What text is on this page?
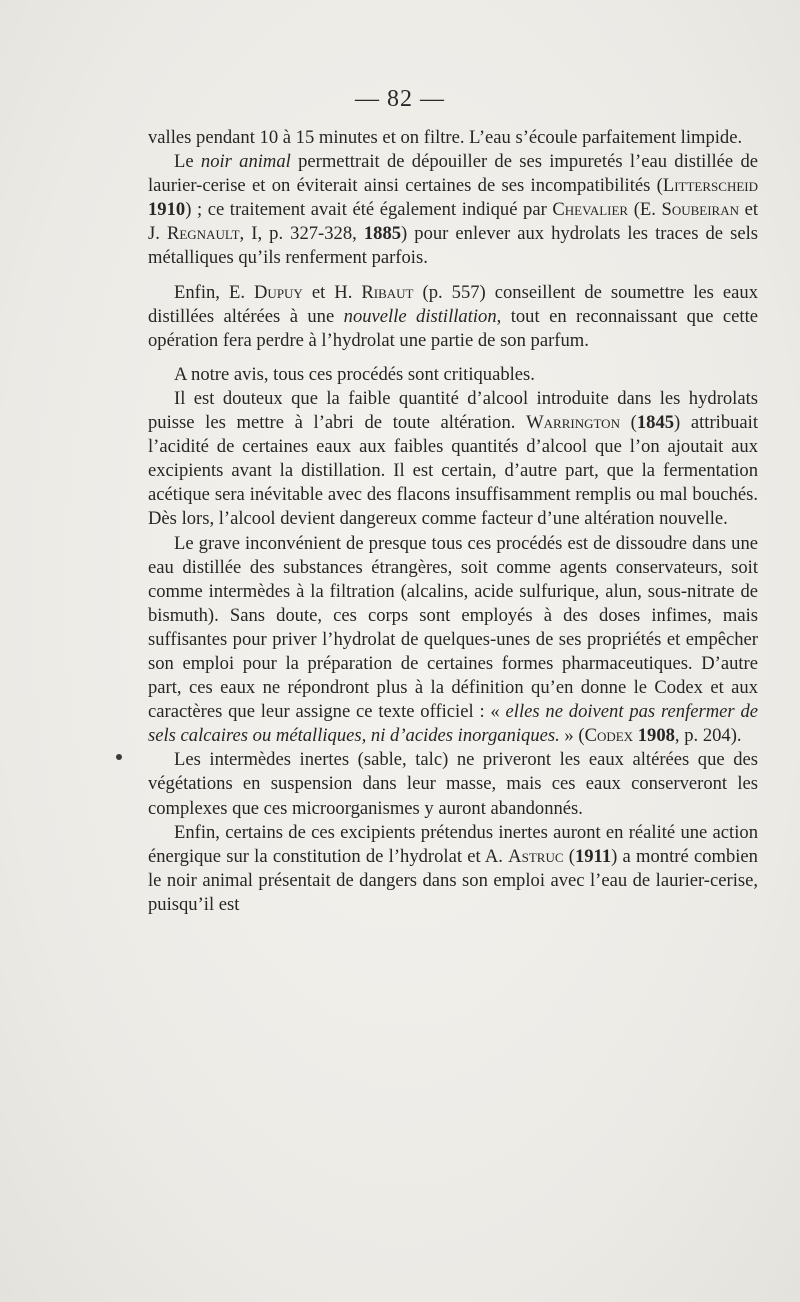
— 82 —

valles pendant 10 à 15 minutes et on filtre. L’eau s’écoule parfaitement limpide.

Le noir animal permettrait de dépouiller de ses impuretés l’eau distillée de laurier-cerise et on éviterait ainsi certaines de ses incompatibilités (Litterscheid 1910) ; ce traitement avait été également indiqué par Chevalier (E. Soubeiran et J. Regnault, I, p. 327-328, 1885) pour enlever aux hydrolats les traces de sels métalliques qu’ils renferment parfois.

Enfin, E. Dupuy et H. Ribaut (p. 557) conseillent de soumettre les eaux distillées altérées à une nouvelle distillation, tout en reconnaissant que cette opération fera perdre à l’hydrolat une partie de son parfum.

A notre avis, tous ces procédés sont critiquables.

Il est douteux que la faible quantité d’alcool introduite dans les hydrolats puisse les mettre à l’abri de toute altération. Warrington (1845) attribuait l’acidité de certaines eaux aux faibles quantités d’alcool que l’on ajoutait aux excipients avant la distillation. Il est certain, d’autre part, que la fermentation acétique sera inévitable avec des flacons insuffisamment remplis ou mal bouchés. Dès lors, l’alcool devient dangereux comme facteur d’une altération nouvelle.

Le grave inconvénient de presque tous ces procédés est de dissoudre dans une eau distillée des substances étrangères, soit comme agents conservateurs, soit comme intermèdes à la filtration (alcalins, acide sulfurique, alun, sous-nitrate de bismuth). Sans doute, ces corps sont employés à des doses infimes, mais suffisantes pour priver l’hydrolat de quelques-unes de ses propriétés et empêcher son emploi pour la préparation de certaines formes pharmaceutiques. D’autre part, ces eaux ne répondront plus à la définition qu’en donne le Codex et aux caractères que leur assigne ce texte officiel : « elles ne doivent pas renfermer de sels calcaires ou métalliques, ni d’acides inorganiques. » (Codex 1908, p. 204).

Les intermèdes inertes (sable, talc) ne priveront les eaux altérées que des végétations en suspension dans leur masse, mais ces eaux conserveront les complexes que ces microorganismes y auront abandonnés.

Enfin, certains de ces excipients prétendus inertes auront en réalité une action énergique sur la constitution de l’hydrolat et A. Astruc (1911) a montré combien le noir animal présentait de dangers dans son emploi avec l’eau de laurier-cerise, puisqu’il est
